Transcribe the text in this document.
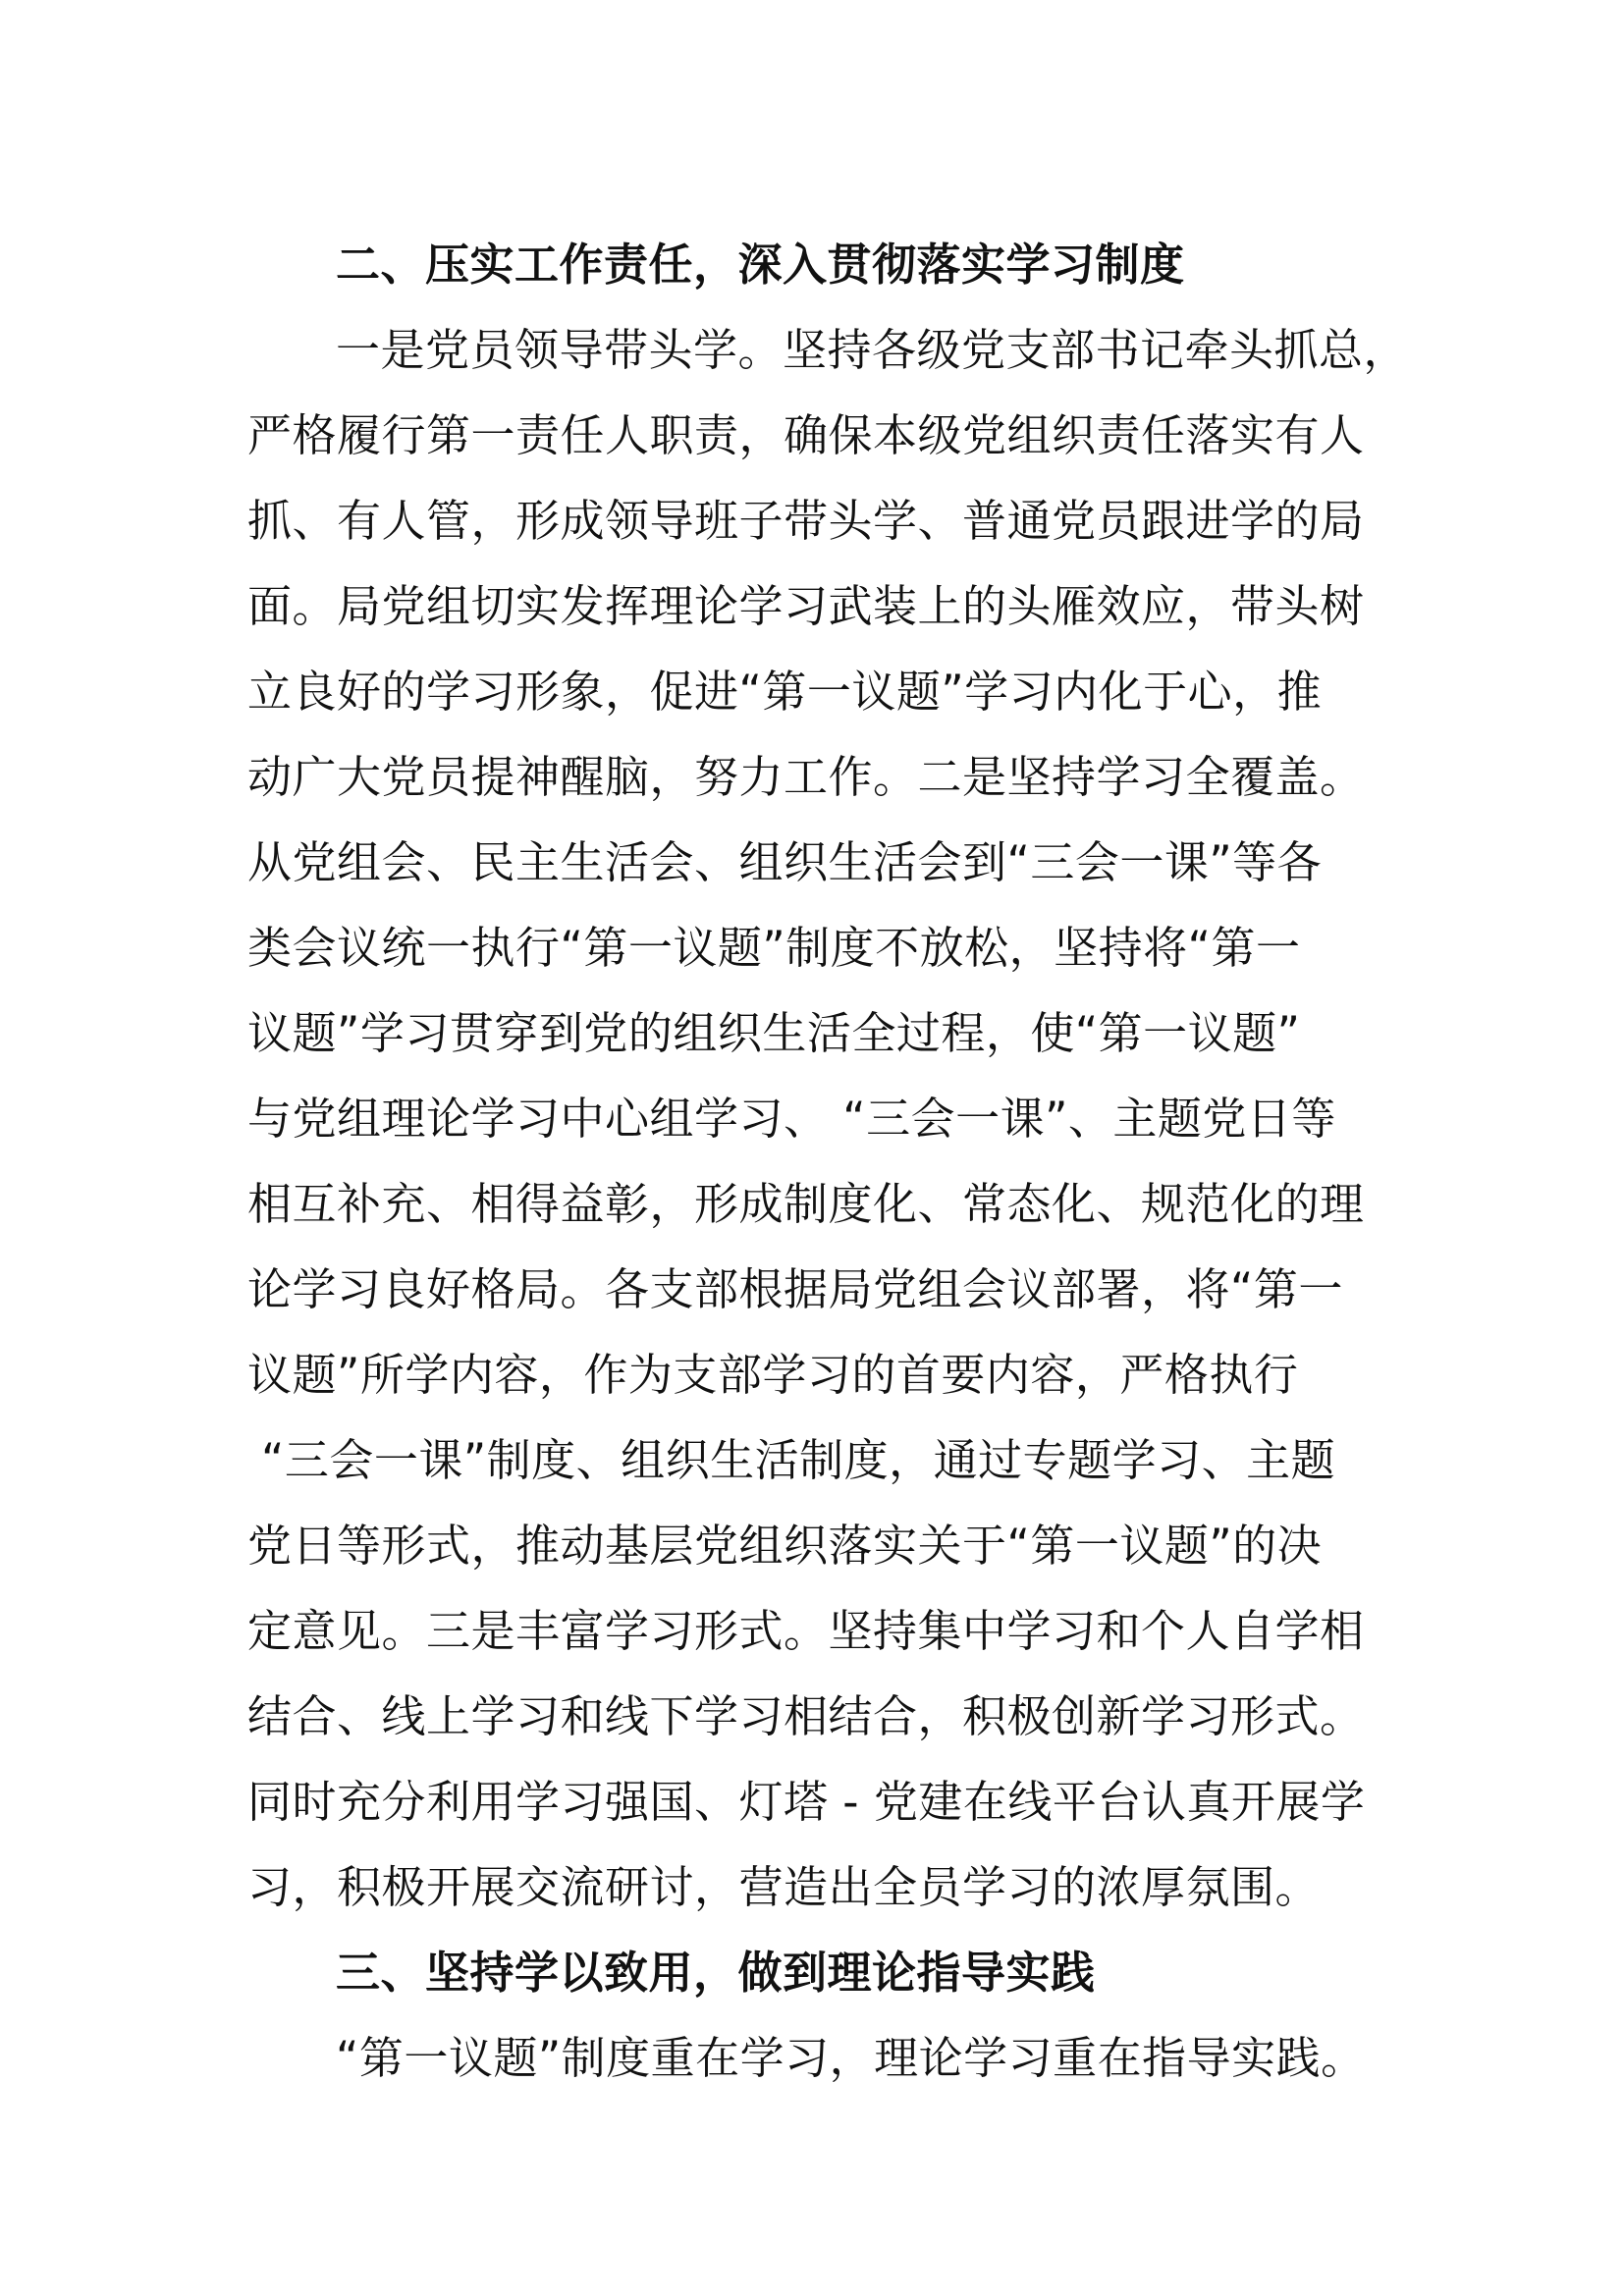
二、压实工作责任，深入贯彻落实学习制度
一是党员领导带头学。坚持各级党支部书记牵头抓总，
严格履行第一责任人职责，确保本级党组织责任落实有人
抓、有人管，形成领导班子带头学、普通党员跟进学的局
面。局党组切实发挥理论学习武装上的头雁效应，带头树
立良好的学习形象，促进“第一议题”学习内化于心，推
动广大党员提神醒脑，努力工作。二是坚持学习全覆盖。
从党组会、民主生活会、组织生活会到“三会一课”等各
类会议统一执行“第一议题”制度不放松，坚持将“第一
议题”学习贯穿到党的组织生活全过程，使“第一议题”
与党组理论学习中心组学习、 “三会一课”、主题党日等
相互补充、相得益彰，形成制度化、常态化、规范化的理
论学习良好格局。各支部根据局党组会议部署，将“第一
议题”所学内容，作为支部学习的首要内容，严格执行
“三会一课”制度、组织生活制度，通过专题学习、主题
党日等形式，推动基层党组织落实关于“第一议题”的决
定意见。三是丰富学习形式。坚持集中学习和个人自学相
结合、线上学习和线下学习相结合，积极创新学习形式。
同时充分利用学习强国、灯塔 - 党建在线平台认真开展学
习，积极开展交流研讨，营造出全员学习的浓厚氛围。
三、坚持学以致用，做到理论指导实践
“第一议题”制度重在学习，理论学习重在指导实践。
